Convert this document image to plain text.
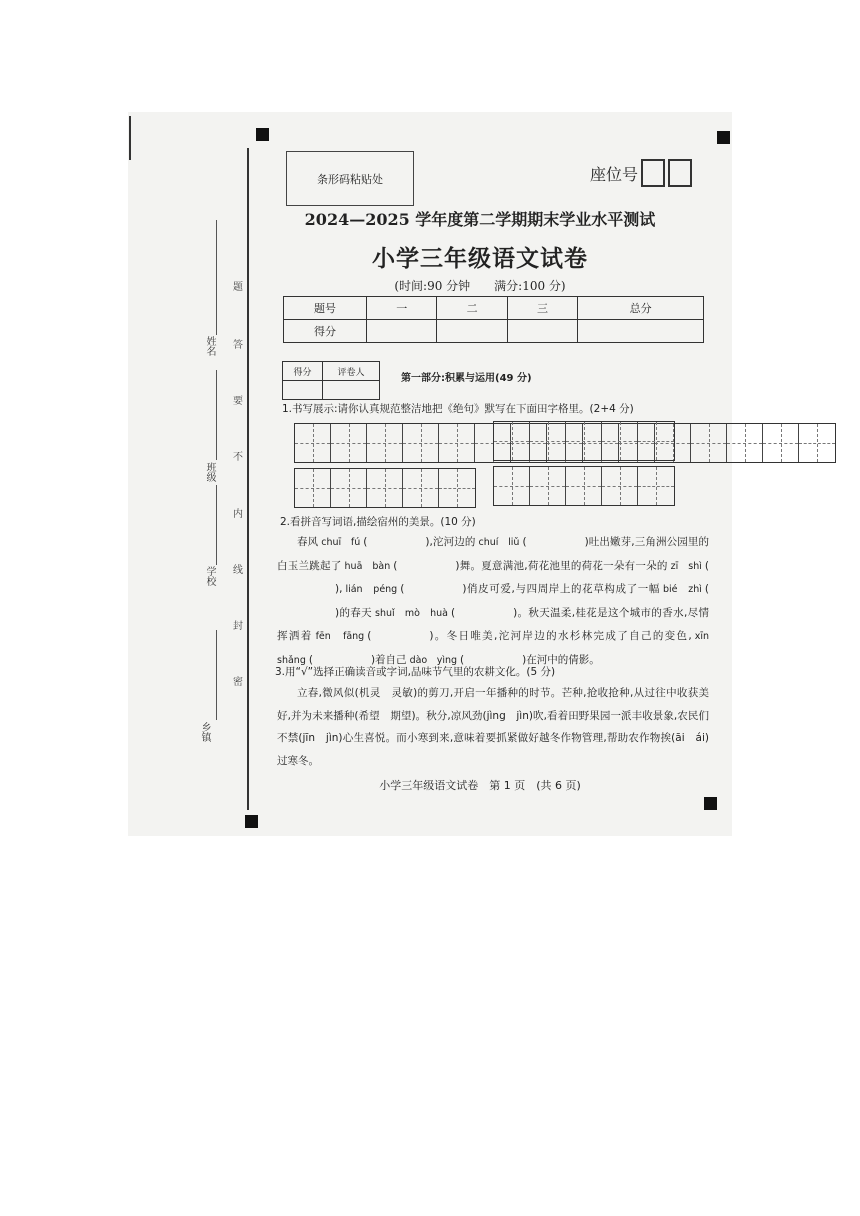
姓名
班级
学校
乡镇
题
答
要
不
内
线
封
密
条形码粘贴处	座位号
2024—2025 学年度第二学期期末学业水平测试
小学三年级语文试卷
(时间:90 分钟　　满分:100 分)
题号	一	二	三	总分
得分				
得分	评卷人

第一部分:积累与运用(49 分)
1.书写展示:请你认真规范整洁地把《绝句》默写在下面田字格里。(2+4 分)
2.看拼音写词语,描绘宿州的美景。(10 分)
春风 chuī　fú (	),沱河边的 chuí　liǔ (	)吐出嫩芽,三角洲公园里的白玉兰跳起了 huā　bàn (	)舞。夏意满池,荷花池里的荷花一朵有一朵的 zī　shì (), lián　péng (	)俏皮可爱,与四周岸上的花草构成了一幅 bié　zhì ()的春天 shuǐ　mò　huà (	)。秋天温柔,桂花是这个城市的香水,尽情挥洒着 fēn　fāng (	)。冬日唯美,沱河岸边的水杉林完成了自己的变色, xīn　shǎng (	)着自己 dào　yìng (	)在河中的倩影。
3.用“√”选择正确读音或字词,品味节气里的农耕文化。(5 分)
立春,微风似(机灵　灵敏)的剪刀,开启一年播种的时节。芒种,抢收抢种,从过往中收获美好,并为未来播种(希望　期望)。秋分,凉风劲(jìng　jìn)吹,看着田野果园一派丰收景象,农民们不禁(jīn　jìn)心生喜悦。而小寒到来,意味着要抓紧做好越冬作物管理,帮助农作物挨(āi　ái)过寒冬。
小学三年级语文试卷　第 1 页　(共 6 页)
